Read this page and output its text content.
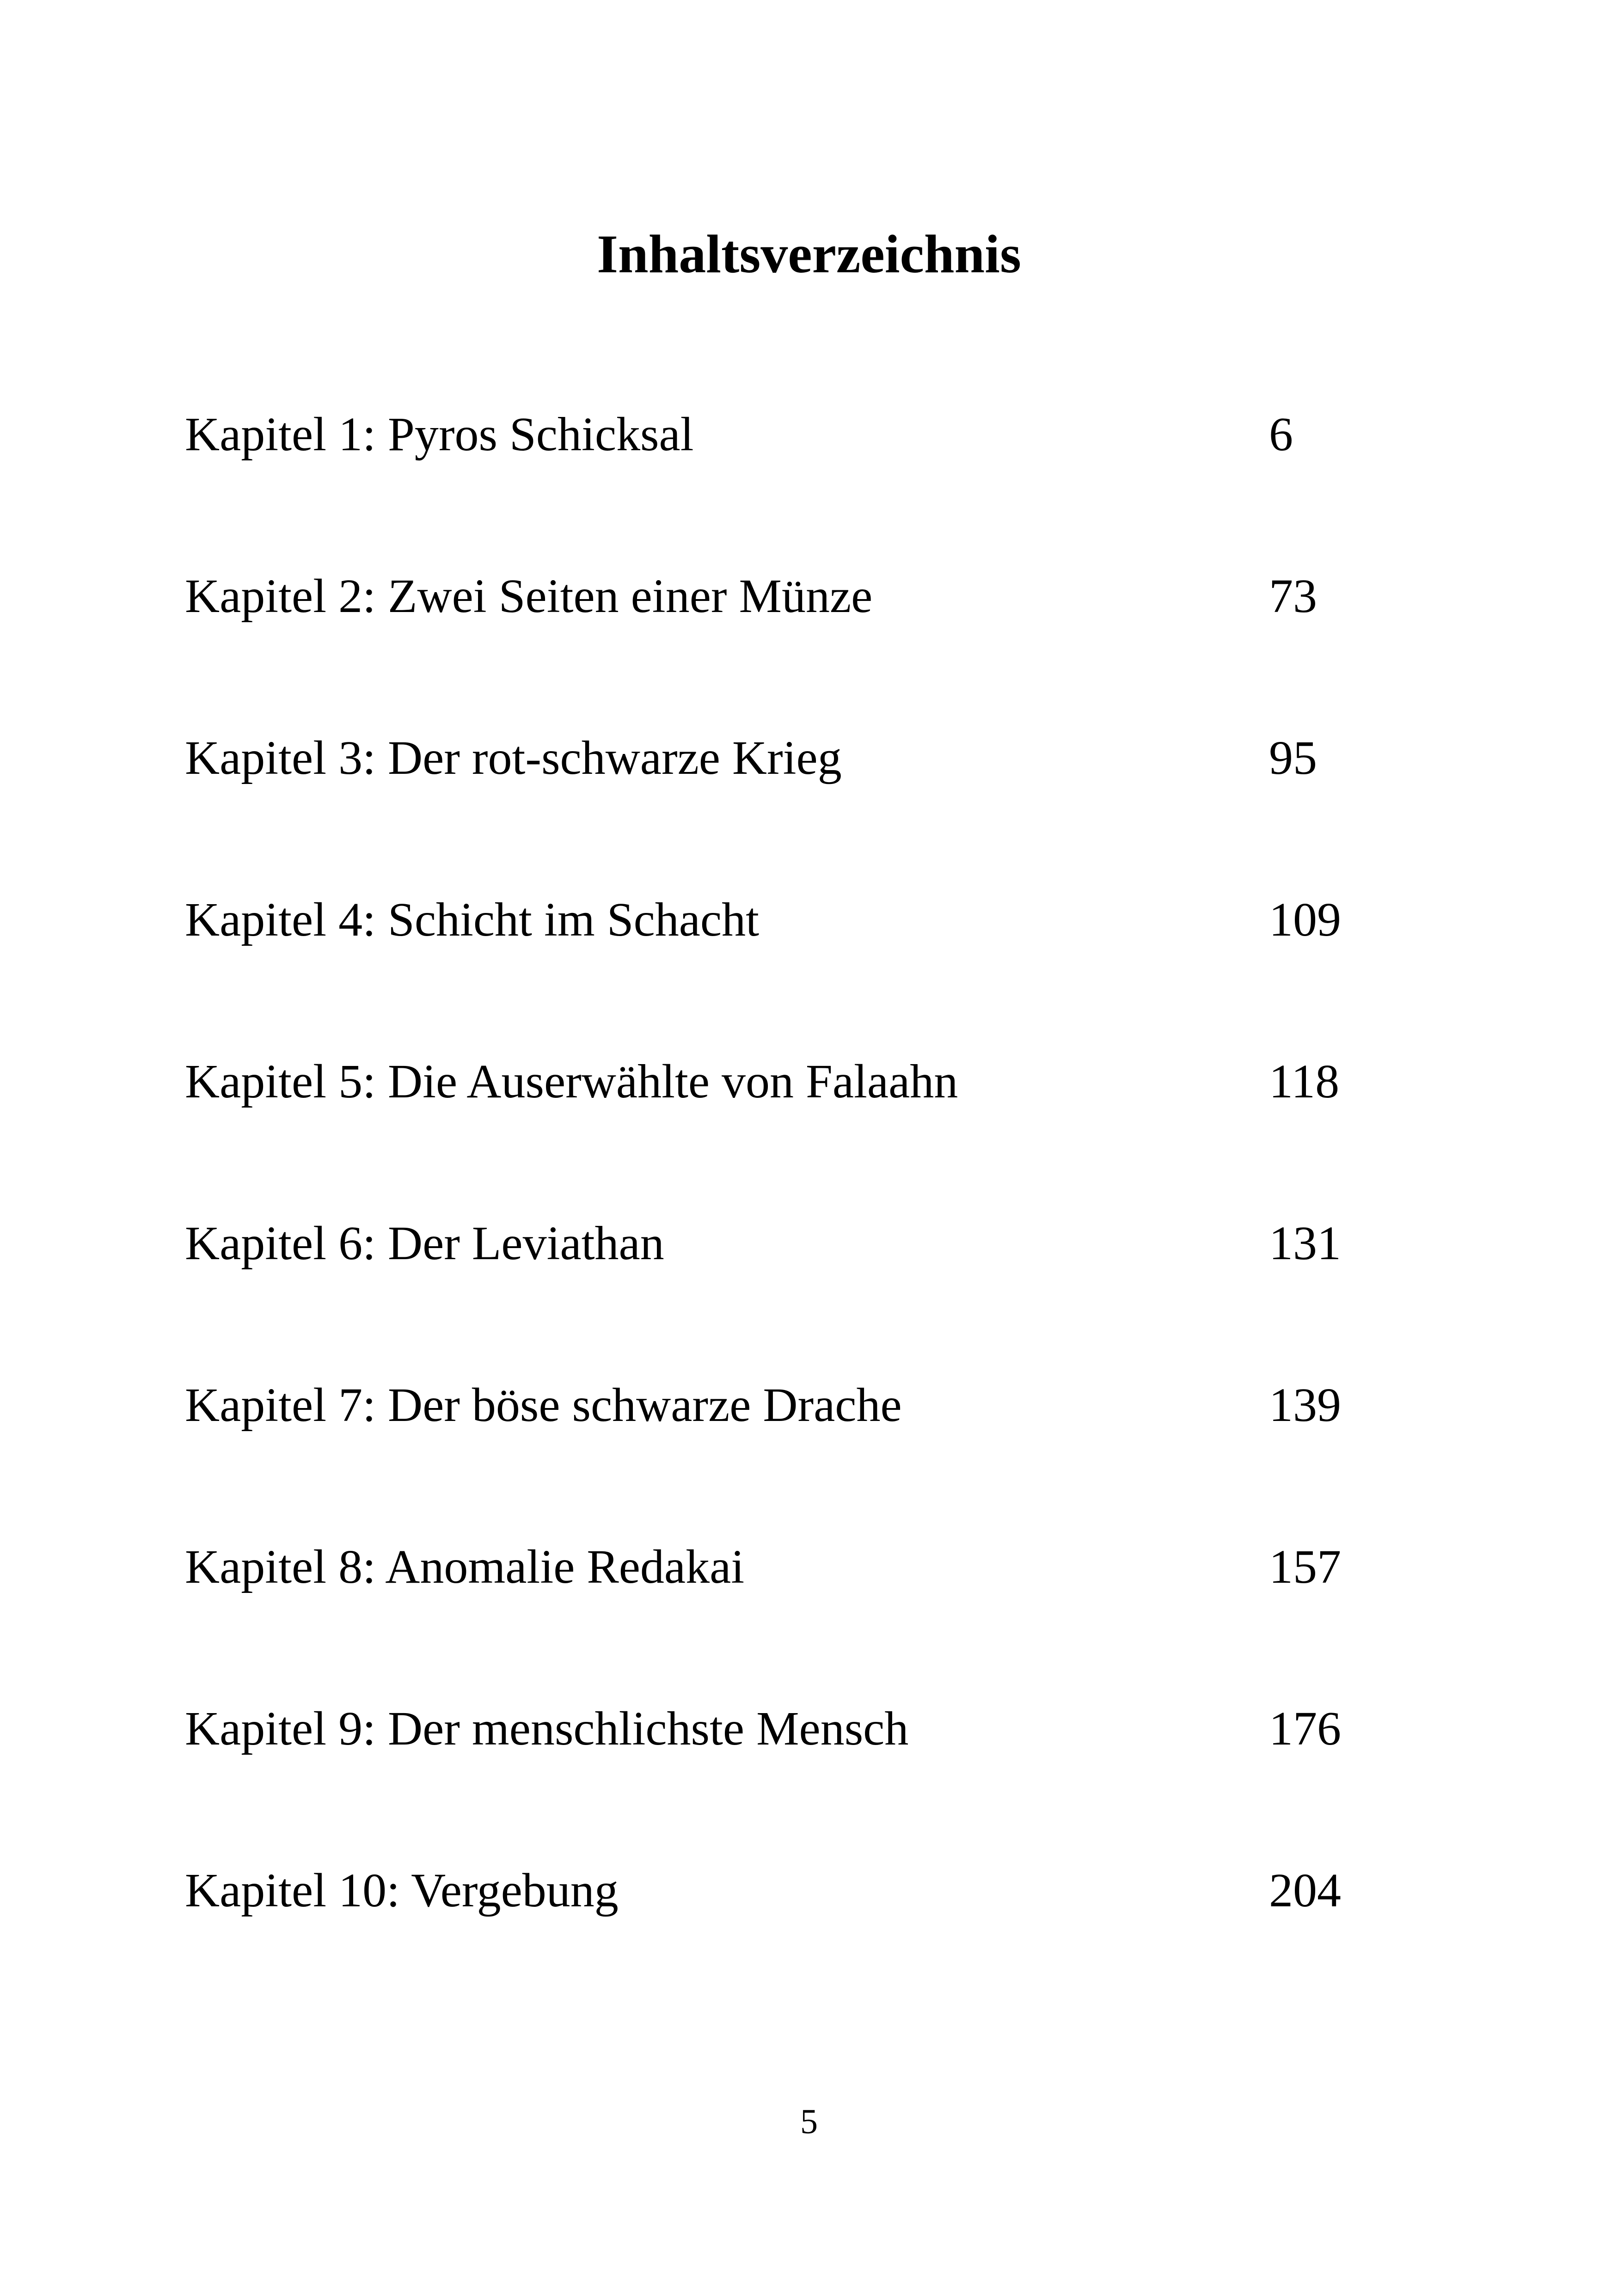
Inhaltsverzeichnis
Kapitel 1: Pyros Schicksal	6
Kapitel 2: Zwei Seiten einer Münze	73
Kapitel 3: Der rot-schwarze Krieg	95
Kapitel 4: Schicht im Schacht	109
Kapitel 5: Die Auserwählte von Falaahn	118
Kapitel 6: Der Leviathan	131
Kapitel 7: Der böse schwarze Drache	139
Kapitel 8: Anomalie Redakai	157
Kapitel 9: Der menschlichste Mensch	176
Kapitel 10: Vergebung	204
5
